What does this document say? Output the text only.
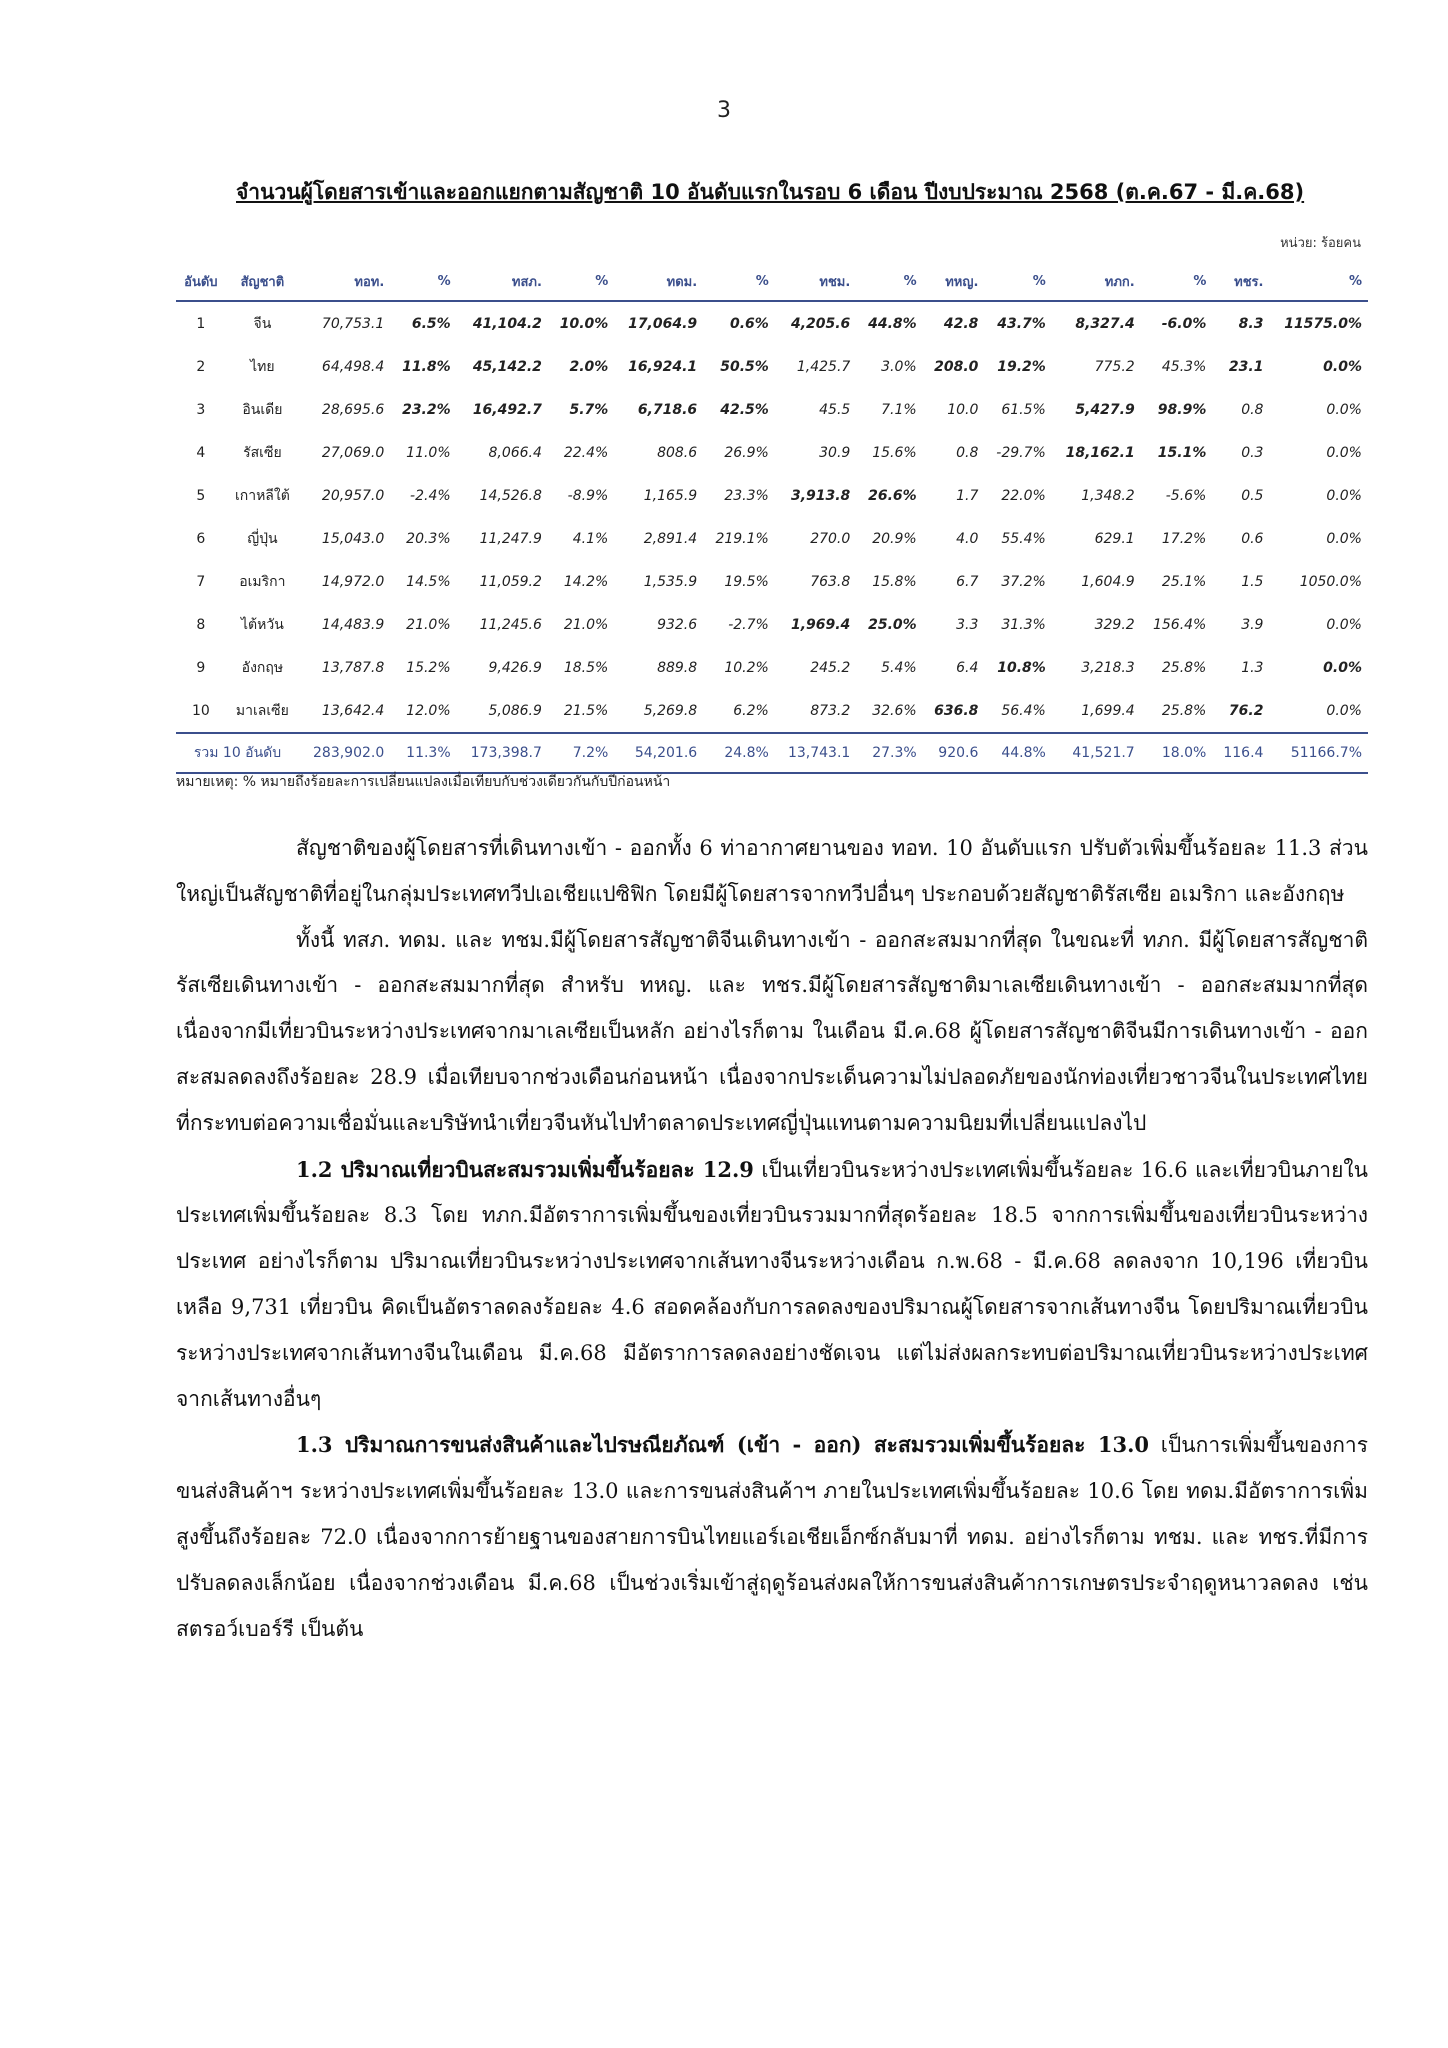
3
จำนวนผู้โดยสารเข้าและออกแยกตามสัญชาติ 10 อันดับแรกในรอบ 6 เดือน ปีงบประมาณ 2568 (ต.ค.67 - มี.ค.68)
หน่วย: ร้อยคน
อันดับ	สัญชาติ	ทอท.	%	ทสภ.	%	ทดม.	%	ทชม.	%	ทหญ.	%	ทภก.	%	ทชร.	%
1	จีน	70,753.1	6.5%	41,104.2	10.0%	17,064.9	0.6%	4,205.6	44.8%	42.8	43.7%	8,327.4	-6.0%	8.3	11575.0%
2	ไทย	64,498.4	11.8%	45,142.2	2.0%	16,924.1	50.5%	1,425.7	3.0%	208.0	19.2%	775.2	45.3%	23.1	0.0%
3	อินเดีย	28,695.6	23.2%	16,492.7	5.7%	6,718.6	42.5%	45.5	7.1%	10.0	61.5%	5,427.9	98.9%	0.8	0.0%
4	รัสเซีย	27,069.0	11.0%	8,066.4	22.4%	808.6	26.9%	30.9	15.6%	0.8	-29.7%	18,162.1	15.1%	0.3	0.0%
5	เกาหลีใต้	20,957.0	-2.4%	14,526.8	-8.9%	1,165.9	23.3%	3,913.8	26.6%	1.7	22.0%	1,348.2	-5.6%	0.5	0.0%
6	ญี่ปุ่น	15,043.0	20.3%	11,247.9	4.1%	2,891.4	219.1%	270.0	20.9%	4.0	55.4%	629.1	17.2%	0.6	0.0%
7	อเมริกา	14,972.0	14.5%	11,059.2	14.2%	1,535.9	19.5%	763.8	15.8%	6.7	37.2%	1,604.9	25.1%	1.5	1050.0%
8	ไต้หวัน	14,483.9	21.0%	11,245.6	21.0%	932.6	-2.7%	1,969.4	25.0%	3.3	31.3%	329.2	156.4%	3.9	0.0%
9	อังกฤษ	13,787.8	15.2%	9,426.9	18.5%	889.8	10.2%	245.2	5.4%	6.4	10.8%	3,218.3	25.8%	1.3	0.0%
10	มาเลเซีย	13,642.4	12.0%	5,086.9	21.5%	5,269.8	6.2%	873.2	32.6%	636.8	56.4%	1,699.4	25.8%	76.2	0.0%
รวม 10 อันดับ		283,902.0	11.3%	173,398.7	7.2%	54,201.6	24.8%	13,743.1	27.3%	920.6	44.8%	41,521.7	18.0%	116.4	51166.7%
หมายเหตุ: % หมายถึงร้อยละการเปลี่ยนแปลงเมื่อเทียบกับช่วงเดียวกันกับปีก่อนหน้า

สัญชาติของผู้โดยสารที่เดินทางเข้า - ออกทั้ง 6 ท่าอากาศยานของ ทอท. 10 อันดับแรก ปรับตัวเพิ่มขึ้นร้อยละ 11.3 ส่วนใหญ่เป็นสัญชาติที่อยู่ในกลุ่มประเทศทวีปเอเชียแปซิฟิก โดยมีผู้โดยสารจากทวีปอื่นๆ ประกอบด้วยสัญชาติรัสเซีย อเมริกา และอังกฤษ

ทั้งนี้ ทสภ. ทดม. และ ทชม.มีผู้โดยสารสัญชาติจีนเดินทางเข้า - ออกสะสมมากที่สุด ในขณะที่ ทภก. มีผู้โดยสารสัญชาติรัสเซียเดินทางเข้า - ออกสะสมมากที่สุด สำหรับ ทหญ. และ ทชร.มีผู้โดยสารสัญชาติมาเลเซียเดินทางเข้า - ออกสะสมมากที่สุด เนื่องจากมีเที่ยวบินระหว่างประเทศจากมาเลเซียเป็นหลัก อย่างไรก็ตาม ในเดือน มี.ค.68 ผู้โดยสารสัญชาติจีนมีการเดินทางเข้า - ออกสะสมลดลงถึงร้อยละ 28.9 เมื่อเทียบจากช่วงเดือนก่อนหน้า เนื่องจากประเด็นความไม่ปลอดภัยของนักท่องเที่ยวชาวจีนในประเทศไทยที่กระทบต่อความเชื่อมั่นและบริษัทนำเที่ยวจีนหันไปทำตลาดประเทศญี่ปุ่นแทนตามความนิยมที่เปลี่ยนแปลงไป

1.2 ปริมาณเที่ยวบินสะสมรวมเพิ่มขึ้นร้อยละ 12.9 เป็นเที่ยวบินระหว่างประเทศเพิ่มขึ้นร้อยละ 16.6 และเที่ยวบินภายในประเทศเพิ่มขึ้นร้อยละ 8.3 โดย ทภก.มีอัตราการเพิ่มขึ้นของเที่ยวบินรวมมากที่สุดร้อยละ 18.5 จากการเพิ่มขึ้นของเที่ยวบินระหว่างประเทศ อย่างไรก็ตาม ปริมาณเที่ยวบินระหว่างประเทศจากเส้นทางจีนระหว่างเดือน ก.พ.68 - มี.ค.68 ลดลงจาก 10,196 เที่ยวบิน เหลือ 9,731 เที่ยวบิน คิดเป็นอัตราลดลงร้อยละ 4.6 สอดคล้องกับการลดลงของปริมาณผู้โดยสารจากเส้นทางจีน โดยปริมาณเที่ยวบินระหว่างประเทศจากเส้นทางจีนในเดือน มี.ค.68 มีอัตราการลดลงอย่างชัดเจน แต่ไม่ส่งผลกระทบต่อปริมาณเที่ยวบินระหว่างประเทศจากเส้นทางอื่นๆ

1.3 ปริมาณการขนส่งสินค้าและไปรษณียภัณฑ์ (เข้า - ออก) สะสมรวมเพิ่มขึ้นร้อยละ 13.0 เป็นการเพิ่มขึ้นของการขนส่งสินค้าฯ ระหว่างประเทศเพิ่มขึ้นร้อยละ 13.0 และการขนส่งสินค้าฯ ภายในประเทศเพิ่มขึ้นร้อยละ 10.6 โดย ทดม.มีอัตราการเพิ่มสูงขึ้นถึงร้อยละ 72.0 เนื่องจากการย้ายฐานของสายการบินไทยแอร์เอเชียเอ็กซ์กลับมาที่ ทดม. อย่างไรก็ตาม ทชม. และ ทชร.ที่มีการปรับลดลงเล็กน้อย เนื่องจากช่วงเดือน มี.ค.68 เป็นช่วงเริ่มเข้าสู่ฤดูร้อนส่งผลให้การขนส่งสินค้าการเกษตรประจำฤดูหนาวลดลง เช่น สตรอว์เบอร์รี เป็นต้น
